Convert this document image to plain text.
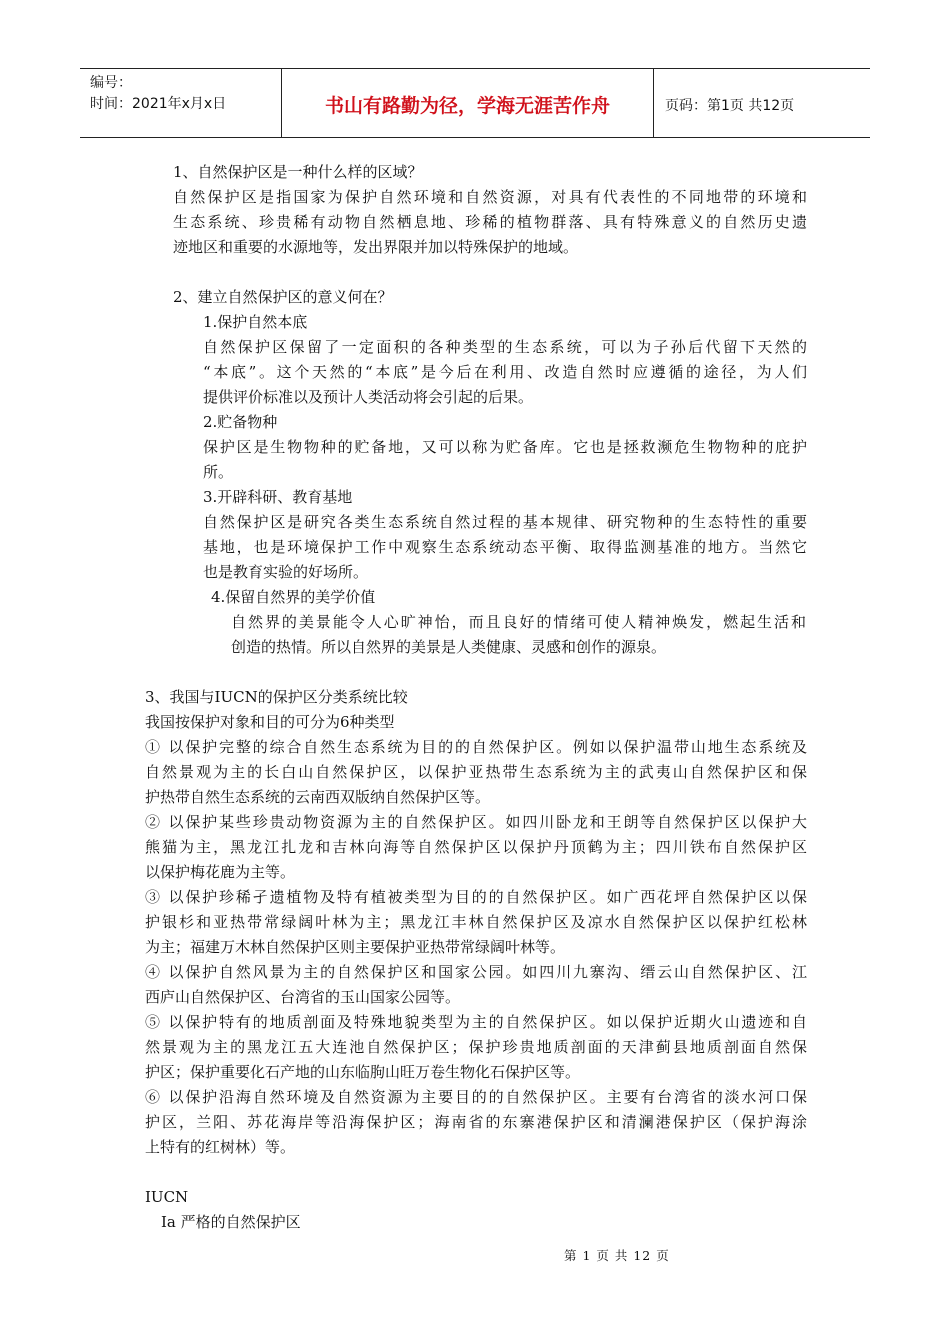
编号：
时间：2021年x月x日	书山有路勤为径，学海无涯苦作舟	页码：第1页 共12页
1、自然保护区是一种什么样的区域？
自然保护区是指国家为保护自然环境和自然资源，对具有代表性的不同地带的环境和
生态系统、珍贵稀有动物自然栖息地、珍稀的植物群落、具有特殊意义的自然历史遗
迹地区和重要的水源地等，发出界限并加以特殊保护的地域。
2、建立自然保护区的意义何在？
1.保护自然本底
自然保护区保留了一定面积的各种类型的生态系统，可以为子孙后代留下天然的
“本底”。这个天然的“本底”是今后在利用、改造自然时应遵循的途径，为人们
提供评价标准以及预计人类活动将会引起的后果。
2.贮备物种
保护区是生物物种的贮备地，又可以称为贮备库。它也是拯救濒危生物物种的庇护
所。
3.开辟科研、教育基地
自然保护区是研究各类生态系统自然过程的基本规律、研究物种的生态特性的重要
基地，也是环境保护工作中观察生态系统动态平衡、取得监测基准的地方。当然它
也是教育实验的好场所。
4.保留自然界的美学价值
自然界的美景能令人心旷神怡，而且良好的情绪可使人精神焕发，燃起生活和
创造的热情。所以自然界的美景是人类健康、灵感和创作的源泉。
3、我国与IUCN的保护区分类系统比较
我国按保护对象和目的可分为6种类型
① 以保护完整的综合自然生态系统为目的的自然保护区。例如以保护温带山地生态系统及
自然景观为主的长白山自然保护区，以保护亚热带生态系统为主的武夷山自然保护区和保
护热带自然生态系统的云南西双版纳自然保护区等。
② 以保护某些珍贵动物资源为主的自然保护区。如四川卧龙和王朗等自然保护区以保护大
熊猫为主，黑龙江扎龙和吉林向海等自然保护区以保护丹顶鹤为主；四川铁布自然保护区
以保护梅花鹿为主等。
③ 以保护珍稀孑遗植物及特有植被类型为目的的自然保护区。如广西花坪自然保护区以保
护银杉和亚热带常绿阔叶林为主；黑龙江丰林自然保护区及凉水自然保护区以保护红松林
为主；福建万木林自然保护区则主要保护亚热带常绿阔叶林等。
④ 以保护自然风景为主的自然保护区和国家公园。如四川九寨沟、缙云山自然保护区、江
西庐山自然保护区、台湾省的玉山国家公园等。
⑤ 以保护特有的地质剖面及特殊地貌类型为主的自然保护区。如以保护近期火山遗迹和自
然景观为主的黑龙江五大连池自然保护区；保护珍贵地质剖面的天津蓟县地质剖面自然保
护区；保护重要化石产地的山东临朐山旺万卷生物化石保护区等。
⑥ 以保护沿海自然环境及自然资源为主要目的的自然保护区。主要有台湾省的淡水河口保
护区，兰阳、苏花海岸等沿海保护区；海南省的东寨港保护区和清澜港保护区（保护海涂
上特有的红树林）等。
IUCN
Ia 严格的自然保护区
第 1 页 共 12 页
